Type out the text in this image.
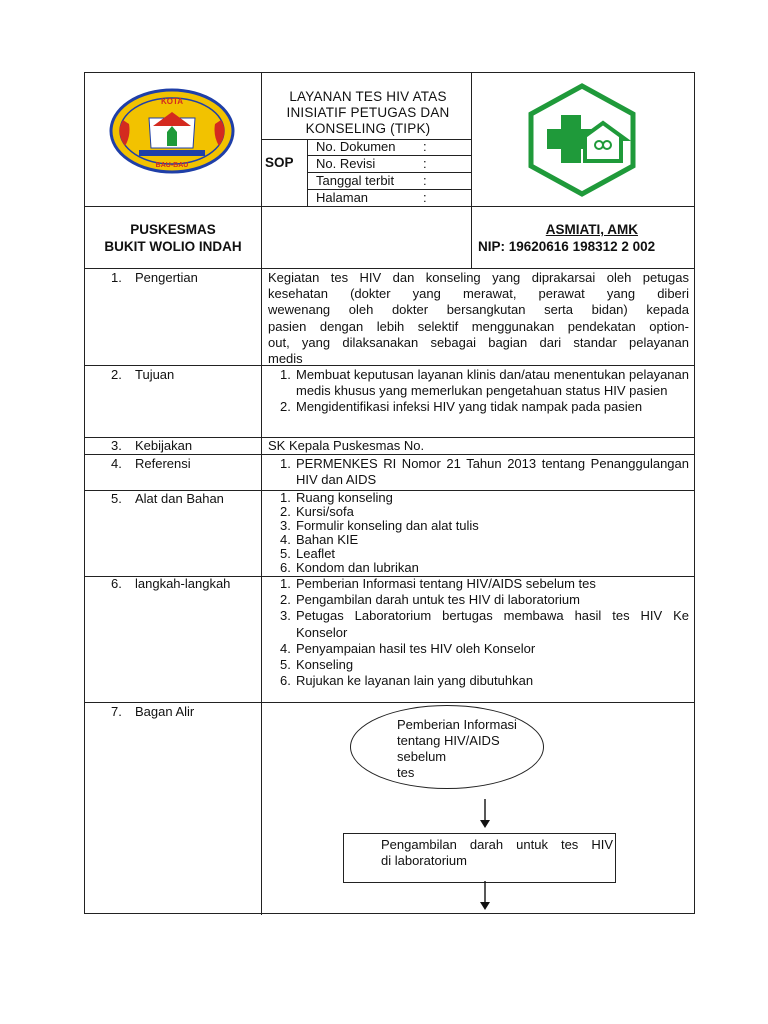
KOTA
BAU-BAU
LAYANAN TES HIV ATAS
INISIATIF PETUGAS DAN
KONSELING (TIPK)
SOP
No. Dokumen :
No. Revisi	:
Tanggal terbit :
Halaman	:
PUSKESMAS
BUKIT WOLIO INDAH
ASMIATI, AMK
NIP: 19620616 198312 2 002
1. Pengertian	Kegiatan tes HIV dan konseling yang diprakarsai oleh petugas
kesehatan (dokter yang merawat, perawat yang diberi
wewenang oleh dokter bersangkutan serta bidan) kepada
pasien dengan lebih selektif menggunakan pendekatan option-
out, yang dilaksanakan sebagai bagian dari standar pelayanan
medis
2. Tujuan	1. Membuat keputusan layanan klinis dan/atau menentukan pelayanan medis khusus yang memerlukan pengetahuan status HIV pasien
2. Mengidentifikasi infeksi HIV yang tidak nampak pada pasien
3. Kebijakan	SK Kepala Puskesmas No.
4. Referensi	1. PERMENKES RI Nomor 21 Tahun 2013 tentang Penanggulangan HIV dan AIDS
5. Alat dan Bahan	1. Ruang konseling
2. Kursi/sofa
3. Formulir konseling dan alat tulis
4. Bahan KIE
5. Leaflet
6. Kondom dan lubrikan
6. langkah-langkah	1. Pemberian Informasi tentang HIV/AIDS sebelum tes
2. Pengambilan darah untuk tes HIV di laboratorium
3. Petugas Laboratorium bertugas membawa hasil tes HIV Ke Konselor
4. Penyampaian hasil tes HIV oleh Konselor
5. Konseling
6. Rujukan ke layanan lain yang dibutuhkan
7. Bagan Alir
Pemberian Informasi
tentang HIV/AIDS sebelum
tes
Pengambilan darah untuk tes HIV
di laboratorium
